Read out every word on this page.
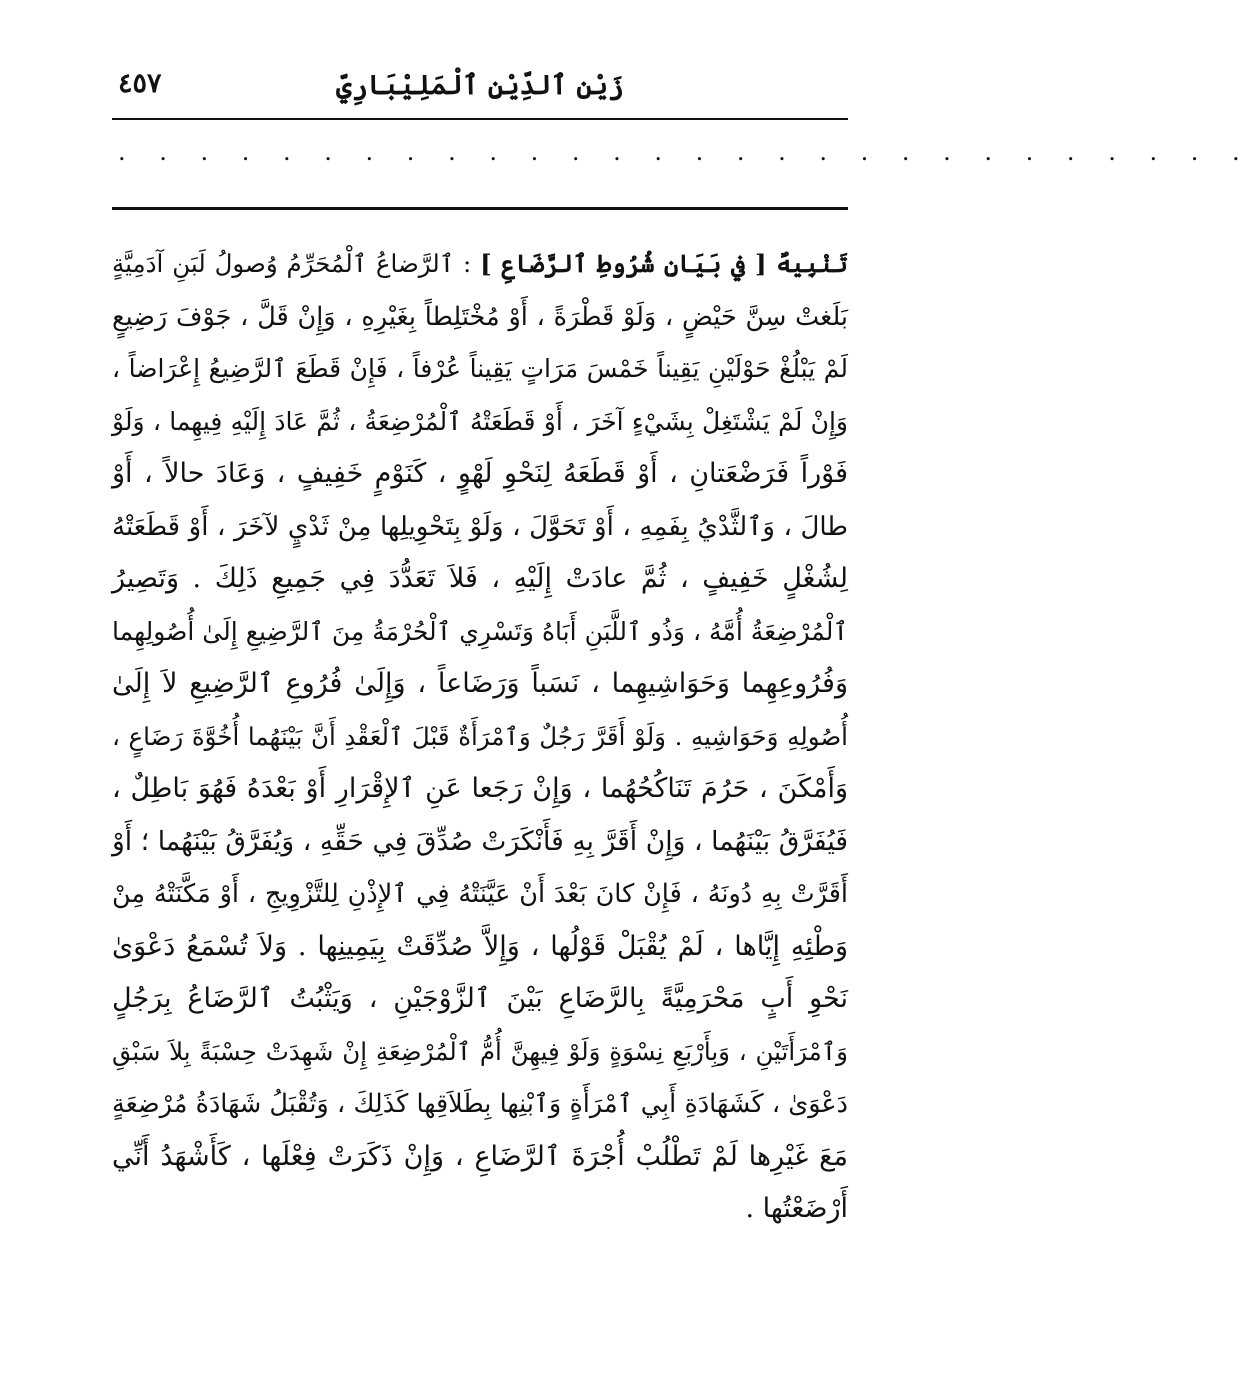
٤٥٧	زَيْن ٱلدِّيْنِ ٱلْمَلِيْبَارِيِّ
. . . . . . . . . . . . . . . . . . . . . . . . . . . .
تَنْبِيهٌ [ في بَيَانِ شُرُوطِ ٱلرَّضَاعِ ] : ٱلرَّضاعُ ٱلْمُحَرِّمُ وُصولُ لَبَنِ آدَمِيَّةٍ
بَلَغتْ سِنَّ حَيْضٍ ، وَلَوْ قَطْرَةً ، أَوْ مُخْتَلِطاً بِغَيْرِهِ ، وَإِنْ قَلَّ ، جَوْفَ رَضِيعٍ
لَمْ يَبْلُغْ حَوْلَيْنِ يَقِيناً خَمْسَ مَرَاتٍ يَقِيناً عُرْفاً ، فَإِنْ قَطَعَ ٱلرَّضِيعُ إِعْرَاضاً ،
وَإِنْ لَمْ يَشْتَغِلْ بِشَيْءٍ آخَرَ ، أَوْ قَطَعَتْهُ ٱلْمُرْضِعَةُ ، ثُمَّ عَادَ إِلَيْهِ فِيهِما ، وَلَوْ
فَوْراً فَرَضْعَتانِ ، أَوْ قَطَعَهُ لِنَحْوِ لَهْوٍ ، كَنَوْمٍ خَفِيفٍ ، وَعَادَ حالاً ، أَوْ
طالَ ، وَٱلثَّدْيُ بِفَمِهِ ، أَوْ تَحَوَّلَ ، وَلَوْ بِتَحْوِيلِها مِنْ ثَدْيٍ لآخَرَ ، أَوْ قَطَعَتْهُ
لِشُغْلٍ خَفِيفٍ ، ثُمَّ عادَتْ إِلَيْهِ ، فَلاَ تَعَدُّدَ فِي جَمِيعِ ذَلِكَ . وَتَصِيرُ
ٱلْمُرْضِعَةُ أُمَّهُ ، وَذُو ٱللَّبَنِ أَبَاهُ وَتَسْرِي ٱلْحُرْمَةُ مِنَ ٱلرَّضِيعِ إِلَىٰ أُصُولِهِما
وَفُرُوعِهِما وَحَوَاشِيهِما ، نَسَباً وَرَضَاعاً ، وَإِلَىٰ فُرُوعِ ٱلرَّضِيعِ لاَ إِلَىٰ
أُصُولِهِ وَحَوَاشِيهِ . وَلَوْ أَقَرَّ رَجُلٌ وَٱمْرَأَةٌ قَبْلَ ٱلْعَقْدِ أَنَّ بَيْنَهُما أُخُوَّةَ رَضَاعٍ ،
وَأَمْكَنَ ، حَرُمَ تَنَاكُحُهُما ، وَإِنْ رَجَعا عَنِ ٱلإِقْرَارِ أَوْ بَعْدَهُ فَهُوَ بَاطِلٌ ،
فَيُفَرَّقُ بَيْنَهُما ، وَإِنْ أَقَرَّ بِهِ فَأَنْكَرَتْ صُدِّقَ فِي حَقِّهِ ، وَيُفَرَّقُ بَيْنَهُما ؛ أَوْ
أَقَرَّتْ بِهِ دُونَهُ ، فَإِنْ كانَ بَعْدَ أَنْ عَيَّنَتْهُ فِي ٱلإِذْنِ لِلتَّزْوِيجِ ، أَوْ مَكَّنَتْهُ مِنْ
وَطْئِهِ إِيَّاها ، لَمْ يُقْبَلْ قَوْلُها ، وَإِلاَّ صُدِّقَتْ بِيَمِينِها . وَلاَ تُسْمَعُ دَعْوَىٰ
نَحْوِ أَبٍ مَحْرَمِيَّةً بِالرَّضَاعِ بَيْنَ ٱلزَّوْجَيْنِ ، وَيَثْبُتُ ٱلرَّضَاعُ بِرَجُلٍ
وَٱمْرَأَتَيْنِ ، وَبِأَرْبَعِ نِسْوَةٍ وَلَوْ فِيهِنَّ أُمُّ ٱلْمُرْضِعَةِ إِنْ شَهِدَتْ حِسْبَةً بِلاَ سَبْقِ
دَعْوَىٰ ، كَشَهَادَةِ أَبِي ٱمْرَأَةٍ وَٱبْنِها بِطَلاَقِها كَذَلِكَ ، وَتُقْبَلُ شَهَادَةُ مُرْضِعَةٍ
مَعَ غَيْرِها لَمْ تَطْلُبْ أُجْرَةَ ٱلرَّضَاعِ ، وَإِنْ ذَكَرَتْ فِعْلَها ، كَأَشْهَدُ أَنِّي
أَرْضَعْتُها .
